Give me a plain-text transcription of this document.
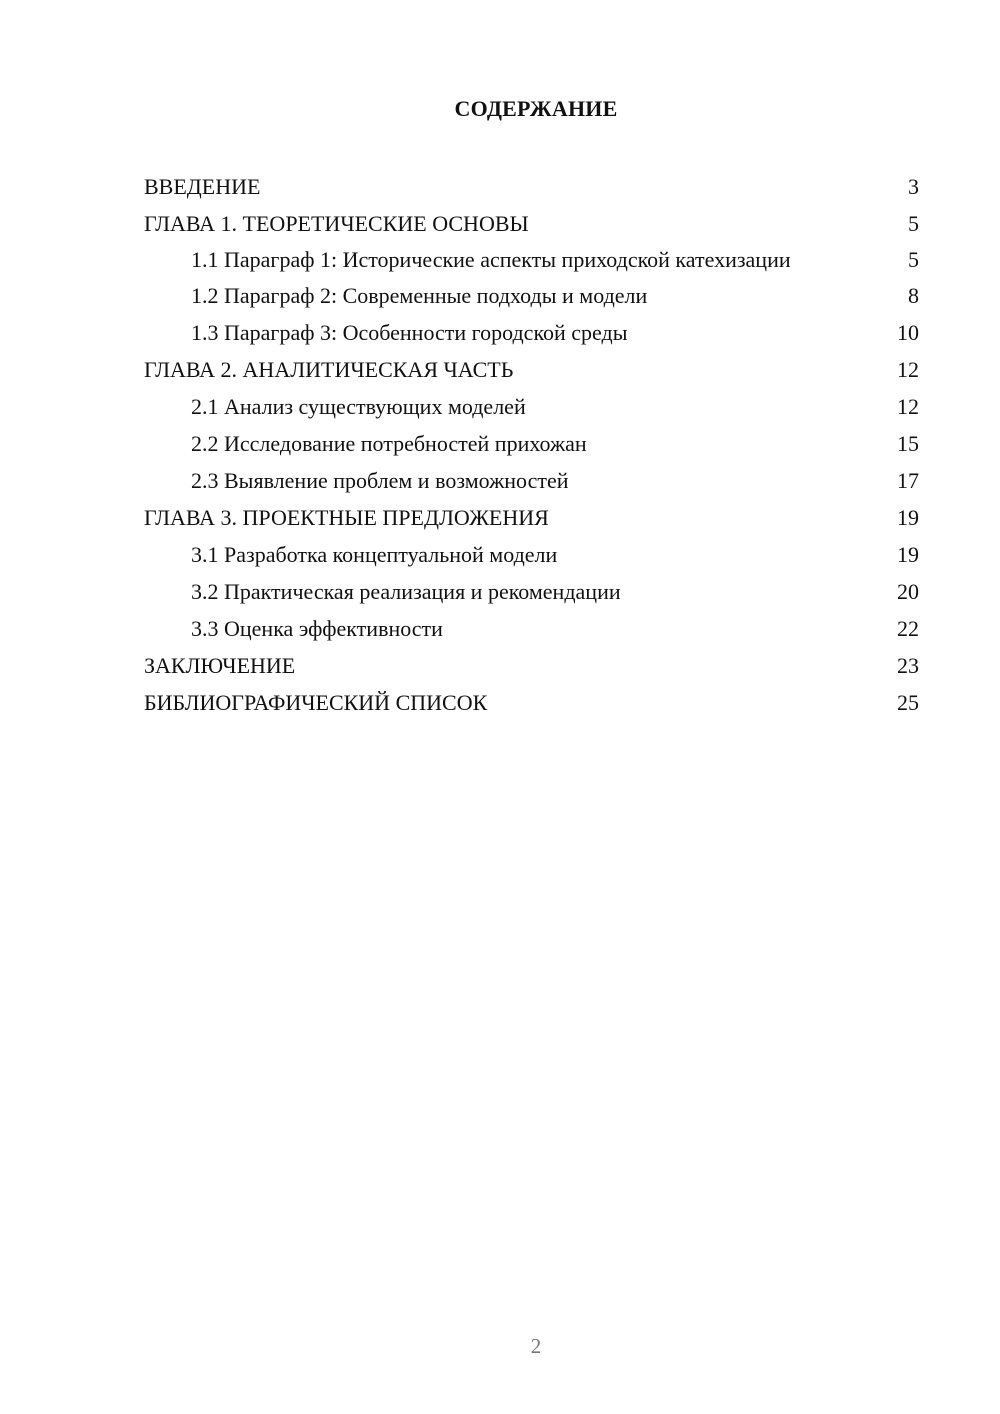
СОДЕРЖАНИЕ
ВВЕДЕНИЕ	3
ГЛАВА 1. ТЕОРЕТИЧЕСКИЕ ОСНОВЫ	5
1.1 Параграф 1: Исторические аспекты приходской катехизации	5
1.2 Параграф 2: Современные подходы и модели	8
1.3 Параграф 3: Особенности городской среды	10
ГЛАВА 2. АНАЛИТИЧЕСКАЯ ЧАСТЬ	12
2.1 Анализ существующих моделей	12
2.2 Исследование потребностей прихожан	15
2.3 Выявление проблем и возможностей	17
ГЛАВА 3. ПРОЕКТНЫЕ ПРЕДЛОЖЕНИЯ	19
3.1 Разработка концептуальной модели	19
3.2 Практическая реализация и рекомендации	20
3.3 Оценка эффективности	22
ЗАКЛЮЧЕНИЕ	23
БИБЛИОГРАФИЧЕСКИЙ СПИСОК	25
2
